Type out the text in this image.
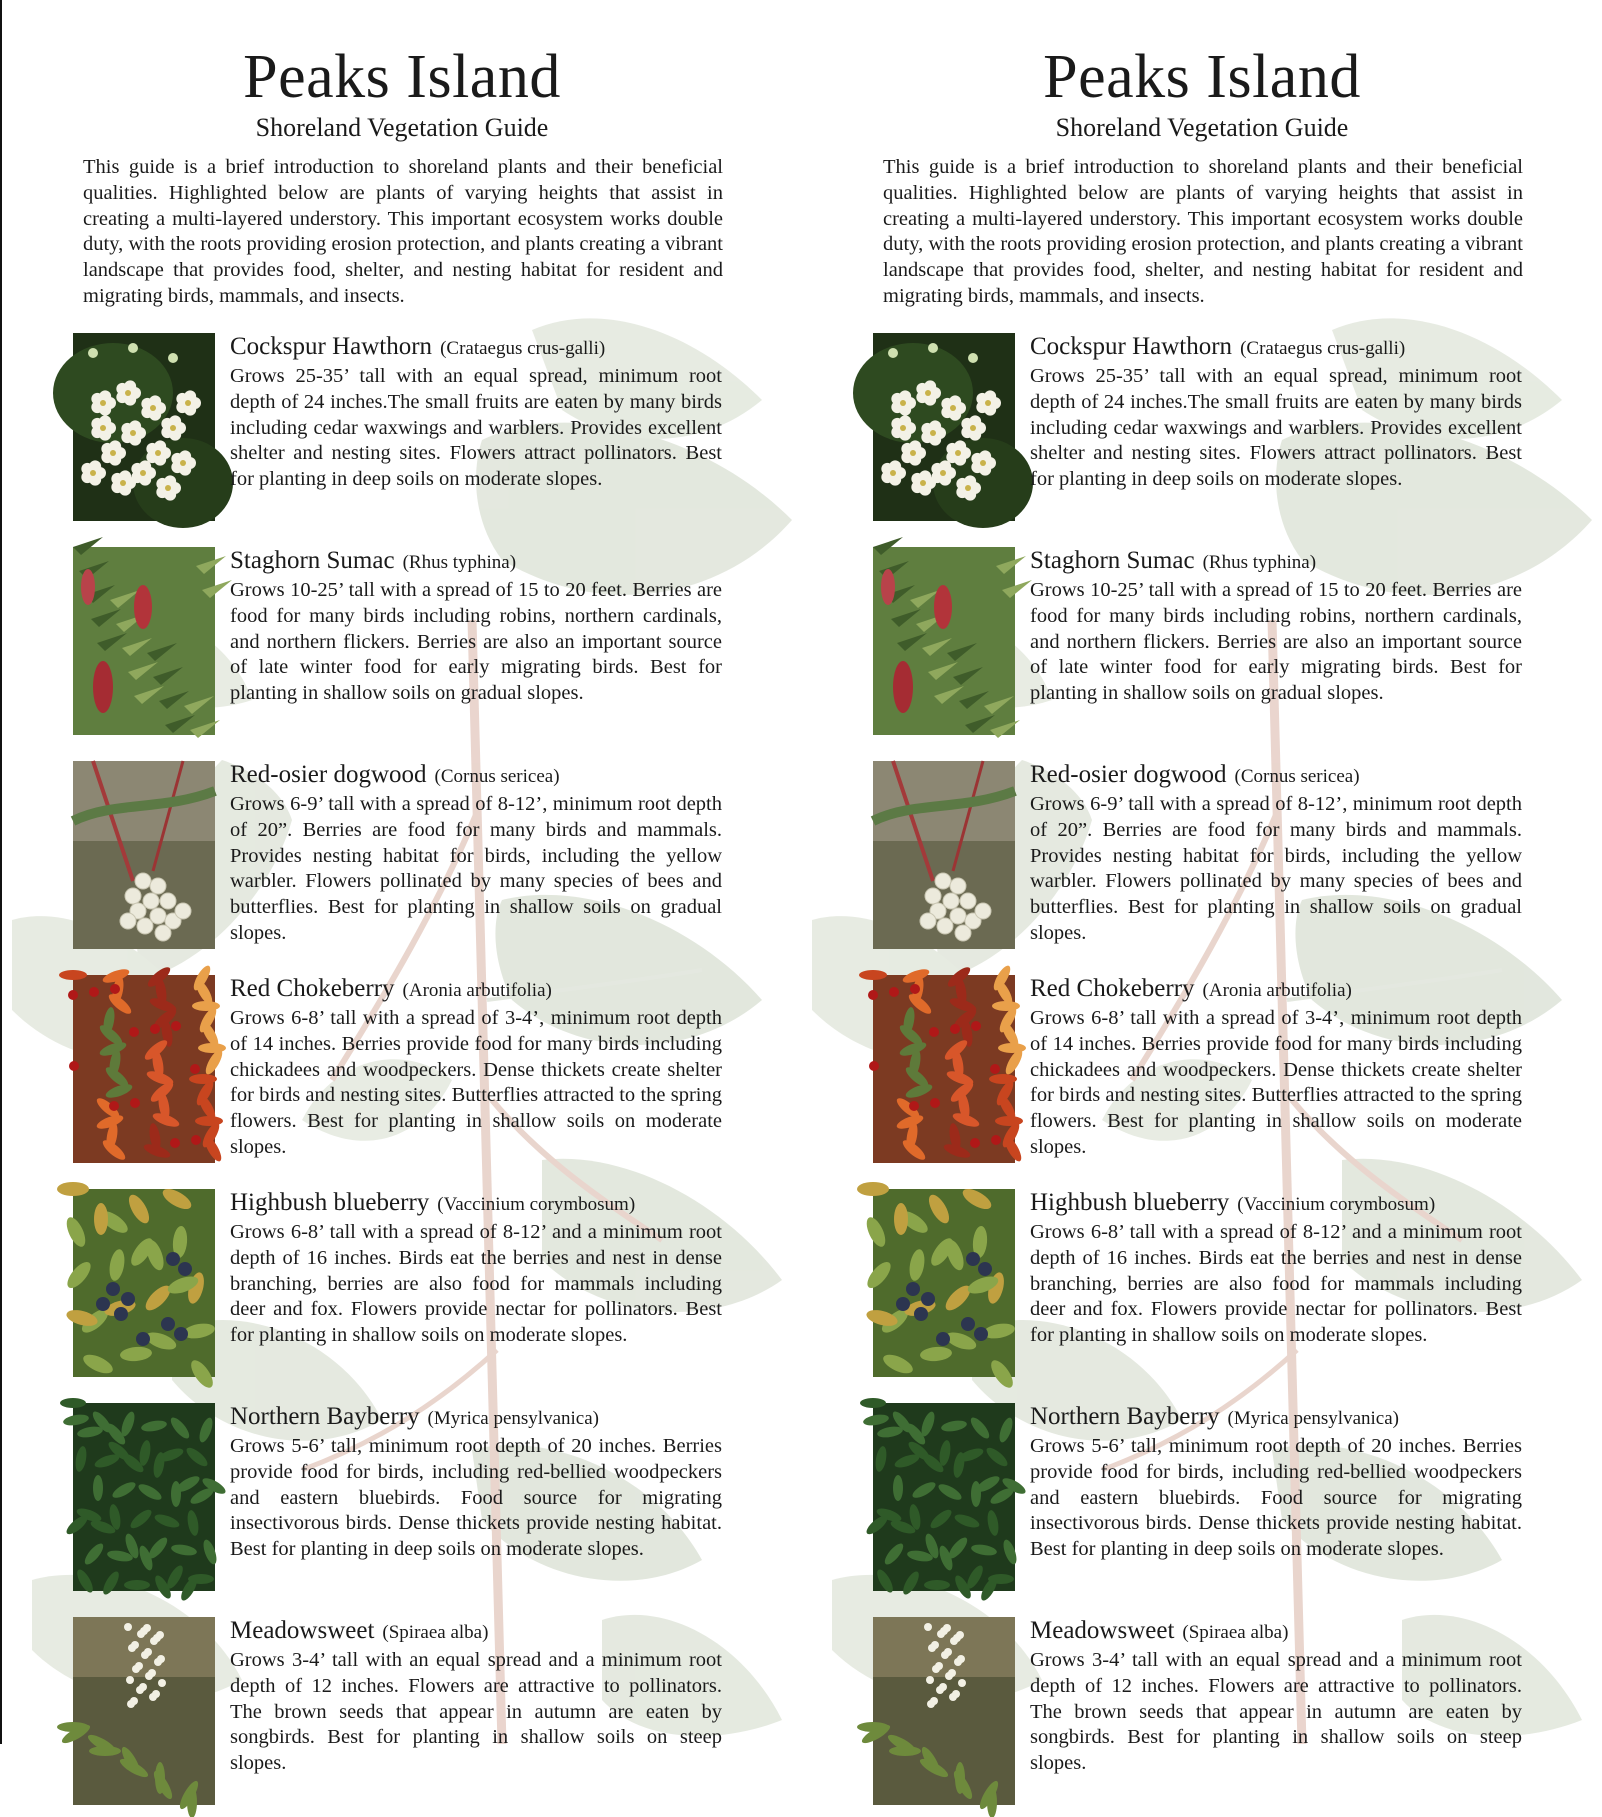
Peaks Island
Shoreland Vegetation Guide

This guide is a brief introduction to shoreland plants and their beneficial qualities. Highlighted below are plants of varying heights that assist in creating a multi-layered understory. This important ecosystem works double duty, with the roots providing erosion protection, and plants creating a vibrant landscape that provides food, shelter, and nesting habitat for resident and migrating birds, mammals, and insects.

Cockspur Hawthorn (Crataegus crus-galli)

Grows 25-35’ tall with an equal spread, minimum root depth of 24 inches.The small fruits are eaten by many birds including cedar waxwings and warblers. Provides excellent shelter and nesting sites. Flowers attract pollinators. Best for planting in deep soils on moderate slopes.

Staghorn Sumac (Rhus typhina)

Grows 10-25’ tall with a spread of 15 to 20 feet. Berries are food for many birds including robins, northern cardinals, and northern flickers. Berries are also an important source of late winter food for early migrating birds. Best for planting in shallow soils on gradual slopes.

Red-osier dogwood (Cornus sericea)

Grows 6-9’ tall with a spread of 8-12’, minimum root depth of 20”. Berries are food for many birds and mammals. Provides nesting habitat for birds, including the yellow warbler. Flowers pollinated by many species of bees and butterflies. Best for planting in shallow soils on gradual slopes.

Red Chokeberry (Aronia arbutifolia)

Grows 6-8’ tall with a spread of 3-4’, minimum root depth of 14 inches. Berries provide food for many birds including chickadees and woodpeckers. Dense thickets create shelter for birds and nesting sites. Butterflies attracted to the spring flowers. Best for planting in shallow soils on moderate slopes.

Highbush blueberry (Vaccinium corymbosum)

Grows 6-8’ tall with a spread of 8-12’ and a minimum root depth of 16 inches. Birds eat the berries and nest in dense branching, berries are also food for mammals including deer and fox. Flowers provide nectar for pollinators. Best for planting in shallow soils on moderate slopes.

Northern Bayberry (Myrica pensylvanica)

Grows 5-6’ tall, minimum root depth of 20 inches. Berries provide food for birds, including red-bellied woodpeckers and eastern bluebirds. Food source for migrating insectivorous birds. Dense thickets provide nesting habitat. Best for planting in deep soils on moderate slopes.

Meadowsweet (Spiraea alba)

Grows 3-4’ tall with an equal spread and a minimum root depth of 12 inches. Flowers are attractive to pollinators. The brown seeds that appear in autumn are eaten by songbirds. Best for planting in shallow soils on steep slopes.

Peaks Island
Shoreland Vegetation Guide

This guide is a brief introduction to shoreland plants and their beneficial qualities. Highlighted below are plants of varying heights that assist in creating a multi-layered understory. This important ecosystem works double duty, with the roots providing erosion protection, and plants creating a vibrant landscape that provides food, shelter, and nesting habitat for resident and migrating birds, mammals, and insects.

Cockspur Hawthorn (Crataegus crus-galli)

Grows 25-35’ tall with an equal spread, minimum root depth of 24 inches.The small fruits are eaten by many birds including cedar waxwings and warblers. Provides excellent shelter and nesting sites. Flowers attract pollinators. Best for planting in deep soils on moderate slopes.

Staghorn Sumac (Rhus typhina)

Grows 10-25’ tall with a spread of 15 to 20 feet. Berries are food for many birds including robins, northern cardinals, and northern flickers. Berries are also an important source of late winter food for early migrating birds. Best for planting in shallow soils on gradual slopes.

Red-osier dogwood (Cornus sericea)

Grows 6-9’ tall with a spread of 8-12’, minimum root depth of 20”. Berries are food for many birds and mammals. Provides nesting habitat for birds, including the yellow warbler. Flowers pollinated by many species of bees and butterflies. Best for planting in shallow soils on gradual slopes.

Red Chokeberry (Aronia arbutifolia)

Grows 6-8’ tall with a spread of 3-4’, minimum root depth of 14 inches. Berries provide food for many birds including chickadees and woodpeckers. Dense thickets create shelter for birds and nesting sites. Butterflies attracted to the spring flowers. Best for planting in shallow soils on moderate slopes.

Highbush blueberry (Vaccinium corymbosum)

Grows 6-8’ tall with a spread of 8-12’ and a minimum root depth of 16 inches. Birds eat the berries and nest in dense branching, berries are also food for mammals including deer and fox. Flowers provide nectar for pollinators. Best for planting in shallow soils on moderate slopes.

Northern Bayberry (Myrica pensylvanica)

Grows 5-6’ tall, minimum root depth of 20 inches. Berries provide food for birds, including red-bellied woodpeckers and eastern bluebirds. Food source for migrating insectivorous birds. Dense thickets provide nesting habitat. Best for planting in deep soils on moderate slopes.

Meadowsweet (Spiraea alba)

Grows 3-4’ tall with an equal spread and a minimum root depth of 12 inches. Flowers are attractive to pollinators. The brown seeds that appear in autumn are eaten by songbirds. Best for planting in shallow soils on steep slopes.
